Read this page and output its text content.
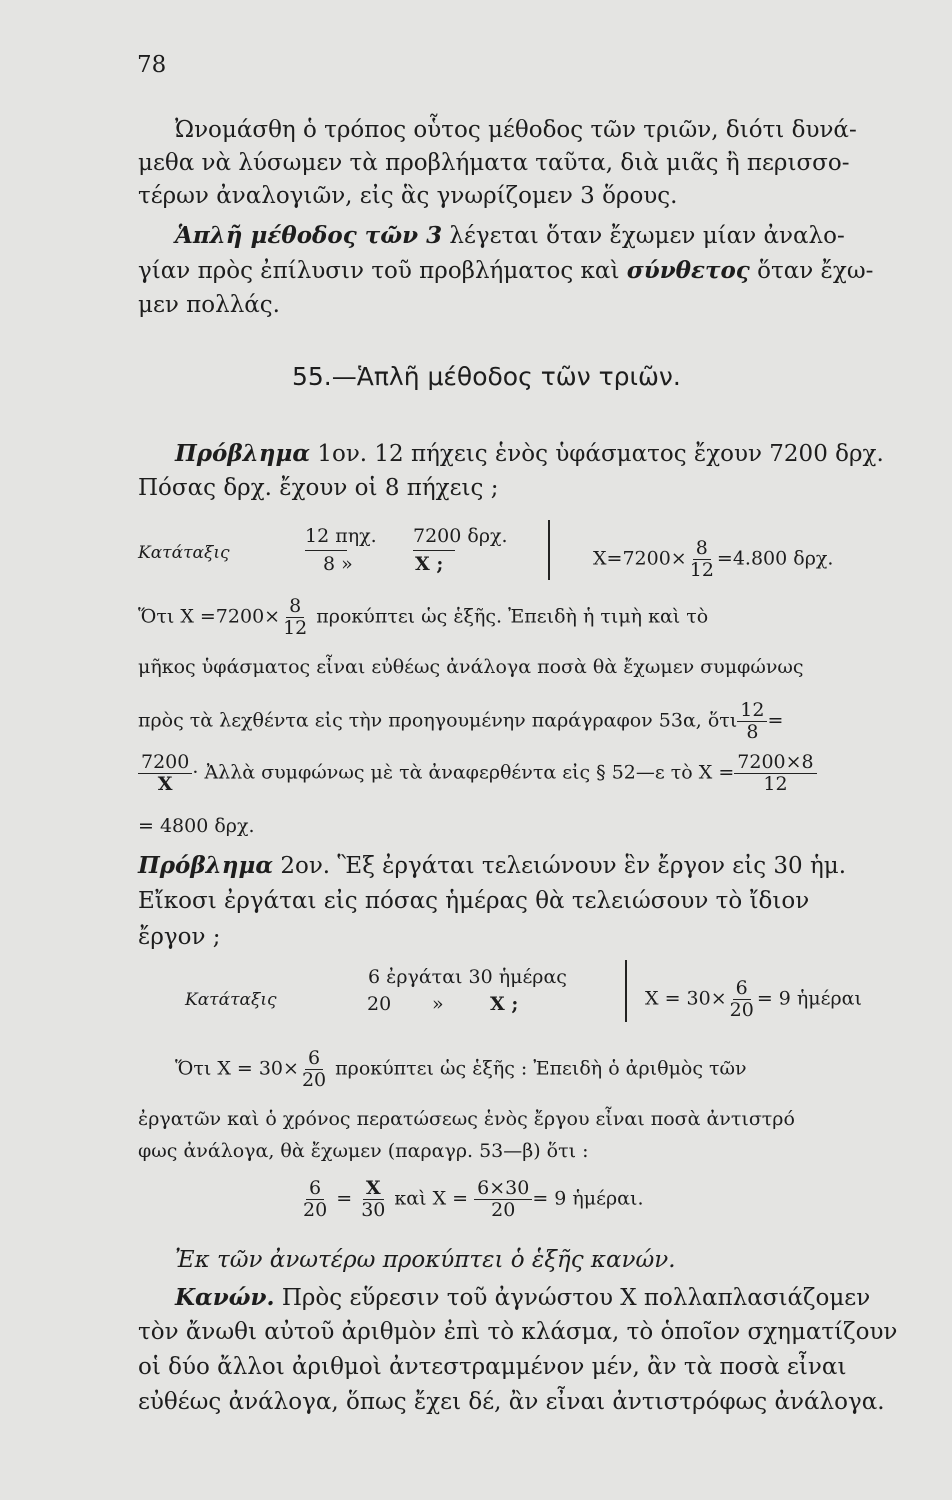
78
Ὠνομάσθη ὁ τρόπος οὗτος μέθοδος τῶν τριῶν, διότι δυνά-
μεθα νὰ λύσωμεν τὰ προβλήματα ταῦτα, διὰ μιᾶς ἢ περισσο-
τέρων ἀναλογιῶν, εἰς ἃς γνωρίζομεν 3 ὅρους.
Ἁπλῆ μέθοδος τῶν 3 λέγεται ὅταν ἔχωμεν μίαν ἀναλο-
γίαν πρὸς ἐπίλυσιν τοῦ προβλήματος καὶ σύνθετος ὅταν ἔχω-
μεν πολλάς.
55.—Ἁπλῆ μέθοδος τῶν τριῶν.
Πρόβλημα 1ον. 12 πήχεις ἑνὸς ὑφάσματος ἔχουν 7200 δρχ.
Πόσας δρχ. ἔχουν οἱ 8 πήχεις ;
Κατάταξις
12 πηχ. 7200 δρχ.
8 »	X ;	$X=7200\times \frac{8}{12} =4.800$ δρχ.
Ὅτι $X =7200\times \frac{8}{12}$ προκύπτει ὡς ἑξῆς. Ἐπειδὴ ἡ τιμὴ καὶ τὸ
μῆκος ὑφάσματος εἶναι εὐθέως ἀνάλογα ποσὰ θὰ ἔχωμεν συμφώνως
πρὸς τὰ λεχθέντα εἰς τὴν προηγουμένην παράγραφον 53α, ὅτι $\frac{12}{8}$ =
$\frac{7200}{X}$ · Ἀλλὰ συμφώνως μὲ τὰ ἀναφερθέντα εἰς § 52—ε τὸ $X = \frac{7200\times 8}{12}$
= 4800 δρχ.
Πρόβλημα 2ον. Ἓξ ἐργάται τελειώνουν ἓν ἔργον εἰς 30 ἡμ.
Εἴκοσι ἐργάται εἰς πόσας ἡμέρας θὰ τελειώσουν τὸ ἴδιον
ἔργον ;
Κατάταξις
6 ἐργάται 30 ἡμέρας
20 » X ;	$X = 30\times \frac{6}{20} = 9$ ἡμέραι
Ὅτι $X = 30\times \frac{6}{20}$ προκύπτει ὡς ἑξῆς : Ἐπειδὴ ὁ ἀριθμὸς τῶν
ἐργατῶν καὶ ὁ χρόνος περατώσεως ἑνὸς ἔργου εἶναι ποσὰ ἀντιστρό
φως ἀνάλογα, θὰ ἔχωμεν (παραγρ. 53—β) ὅτι :
$\frac{6}{20} = \frac{X}{30}$ καὶ $X = \frac{6\times 30}{20} = 9$ ἡμέραι.
Ἐκ τῶν ἀνωτέρω προκύπτει ὁ ἑξῆς κανών.
Κανών. Πρὸς εὕρεσιν τοῦ ἀγνώστου X πολλαπλασιάζομεν
τὸν ἄνωθι αὐτοῦ ἀριθμὸν ἐπὶ τὸ κλάσμα, τὸ ὁποῖον σχηματίζουν
οἱ δύο ἄλλοι ἀριθμοὶ ἀντεστραμμένον μέν, ἂν τὰ ποσὰ εἶναι
εὐθέως ἀνάλογα, ὅπως ἔχει δέ, ἂν εἶναι ἀντιστρόφως ἀνάλογα.
